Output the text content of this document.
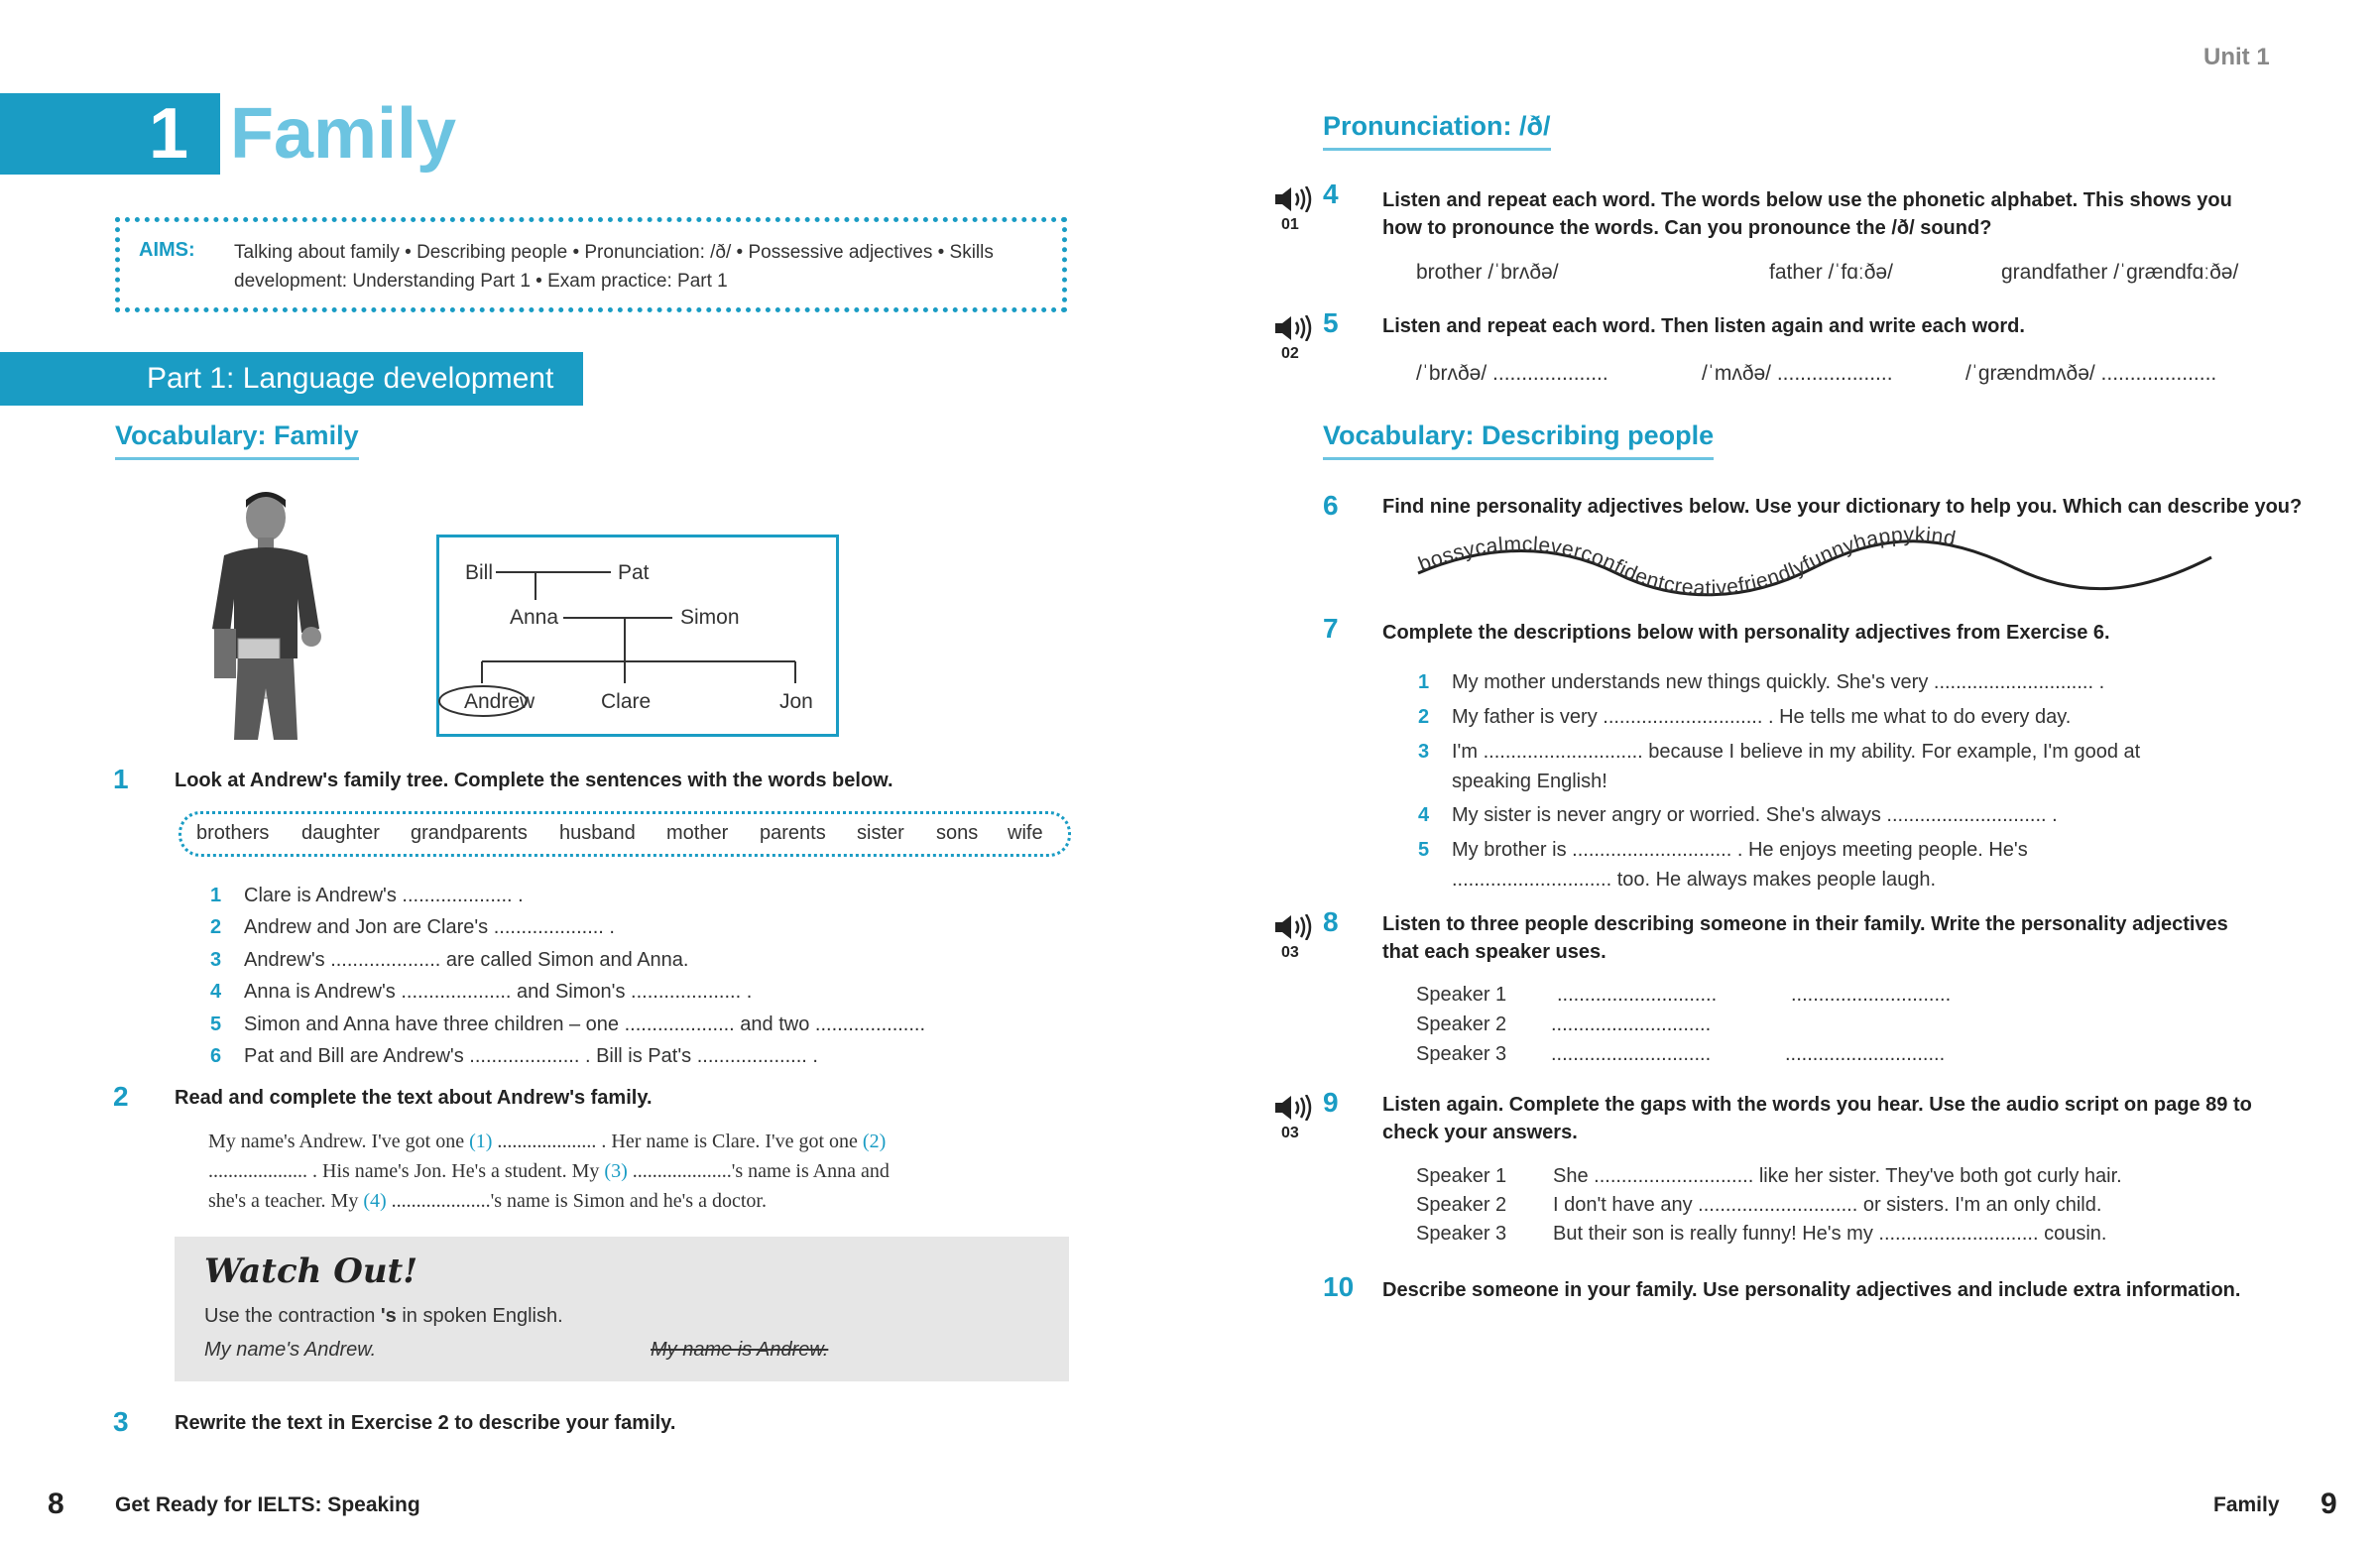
1 Family
AIMS: Talking about family • Describing people • Pronunciation: /ð/ • Possessive adjectives • Skills
development: Understanding Part 1 • Exam practice: Part 1
Part 1: Language development
Vocabulary: Family
Bill	Pat
Anna	Simon
Andrew	Clare	Jon
1 Look at Andrew's family tree. Complete the sentences with the words below.
brothers daughter grandparents husband mother parents sister sons wife
1 Clare is Andrew's .................... .
2 Andrew and Jon are Clare's .................... .
3 Andrew's .................... are called Simon and Anna.
4 Anna is Andrew's .................... and Simon's .................... .
5 Simon and Anna have three children – one .................... and two ....................
6 Pat and Bill are Andrew's .................... . Bill is Pat's .................... .
2 Read and complete the text about Andrew's family.
My name's Andrew. I've got one (1) .................... . Her name is Clare. I've got one (2)
.................... . His name's Jon. He's a student. My (3) ....................'s name is Anna and
she's a teacher. My (4) ....................'s name is Simon and he's a doctor.
Watch Out!
Use the contraction 's in spoken English.
My name's Andrew.	My name is Andrew.
3 Rewrite the text in Exercise 2 to describe your family.
8 Get Ready for IELTS: Speaking
Unit 1
Pronunciation: /ð/
01
4 Listen and repeat each word. The words below use the phonetic alphabet. This shows you
how to pronounce the words. Can you pronounce the /ð/ sound?
brother /ˈbrʌðə/	father /ˈfɑːðə/	grandfather /ˈgrændfɑːðə/
02
5 Listen and repeat each word. Then listen again and write each word.
/ˈbrʌðə/ ....................	/ˈmʌðə/ ....................	/ˈgrændmʌðə/ ....................
Vocabulary: Describing people
6 Find nine personality adjectives below. Use your dictionary to help you. Which can describe you?
bossycalmcleverconfidentcreativefriendlyfunnyhappykind
7 Complete the descriptions below with personality adjectives from Exercise 6.
1 My mother understands new things quickly. She's very ............................. .
2 My father is very ............................. . He tells me what to do every day.
3 I'm ............................. because I believe in my ability. For example, I'm good at
speaking English!
4 My sister is never angry or worried. She's always ............................. .
5 My brother is ............................. . He enjoys meeting people. He's
............................. too. He always makes people laugh.
03
8 Listen to three people describing someone in their family. Write the personality adjectives
that each speaker uses.
Speaker 1	.............................	.............................
Speaker 2 .............................
Speaker 3 .............................	.............................
03
9 Listen again. Complete the gaps with the words you hear. Use the audio script on page 89 to
check your answers.
Speaker 1 She ............................. like her sister. They've both got curly hair.
Speaker 2 I don't have any ............................. or sisters. I'm an only child.
Speaker 3 But their son is really funny! He's my ............................. cousin.
10 Describe someone in your family. Use personality adjectives and include extra information.
Family 9
